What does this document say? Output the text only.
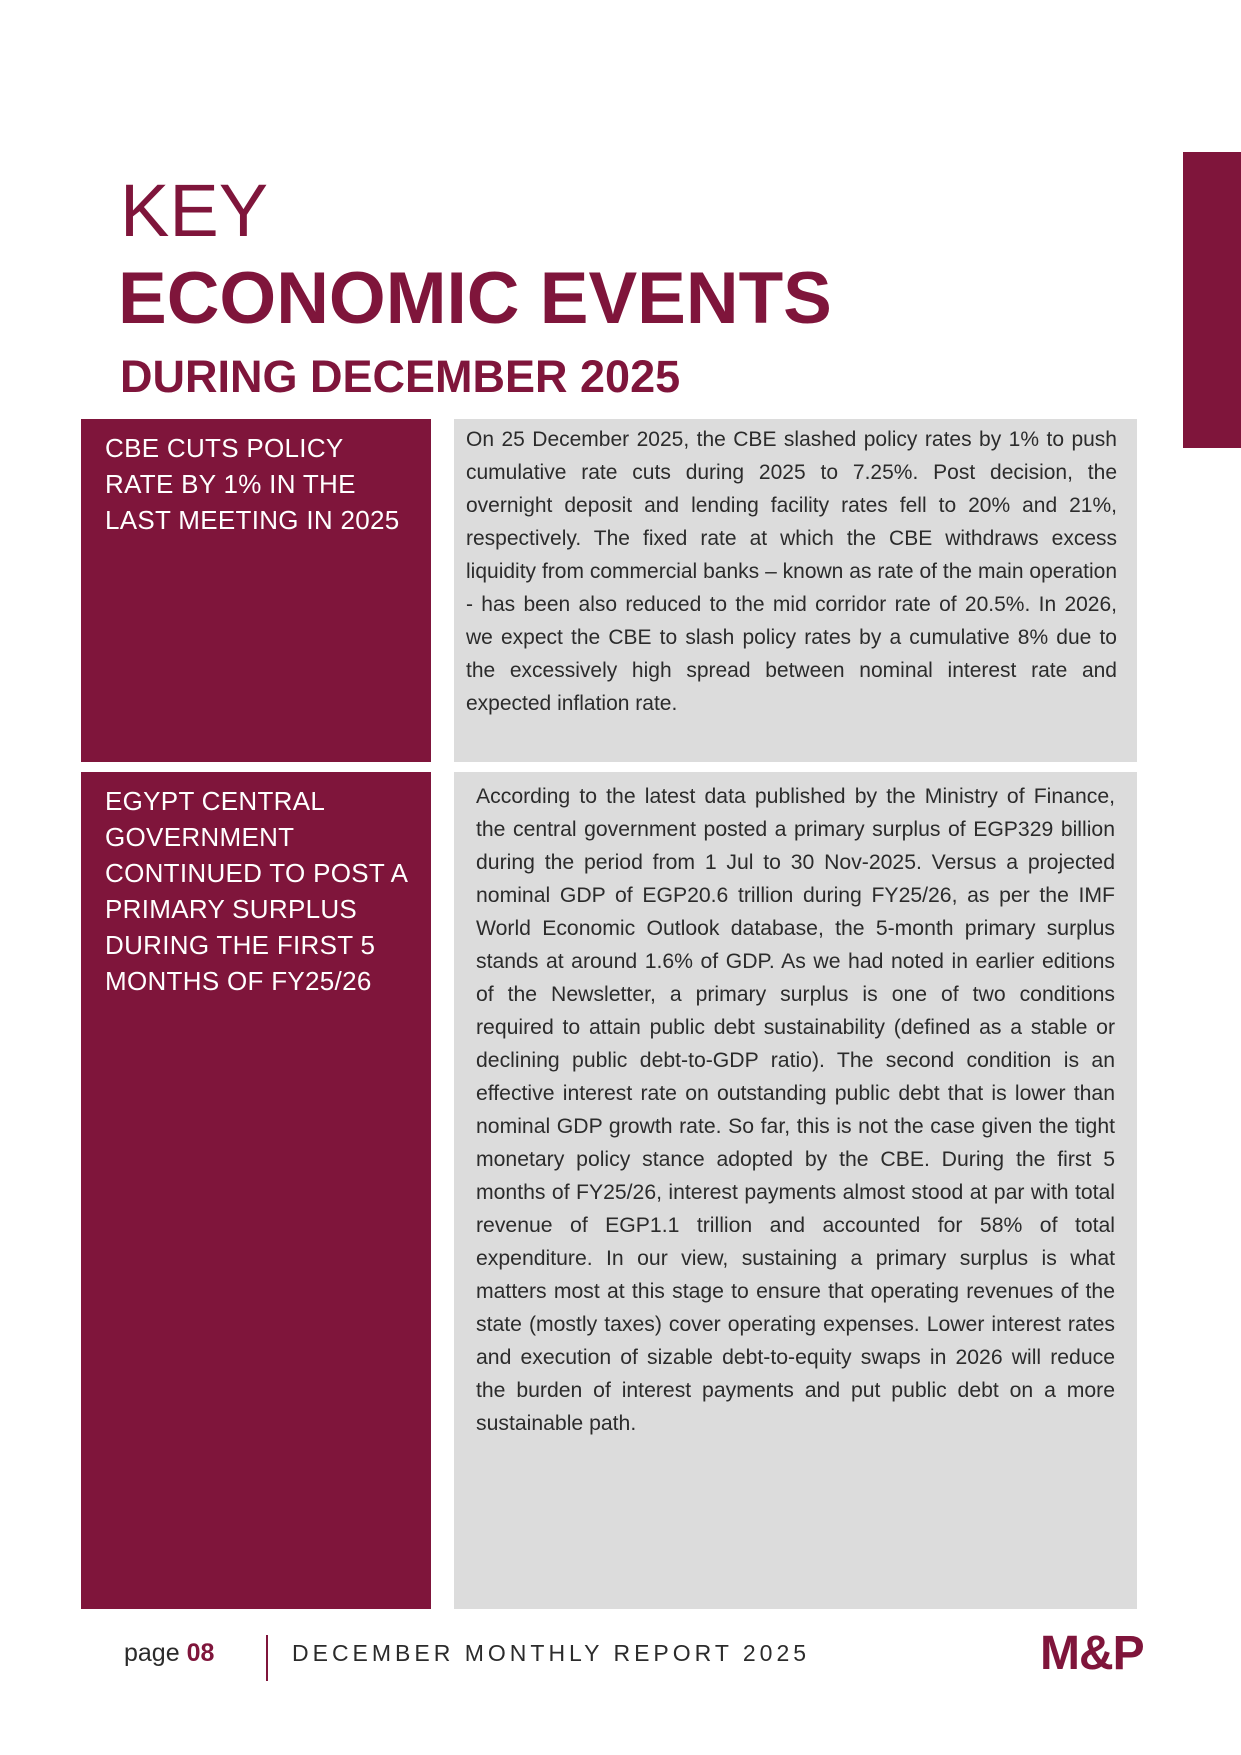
KEY
ECONOMIC EVENTS
DURING DECEMBER 2025
CBE CUTS POLICY RATE BY 1% IN THE LAST MEETING IN 2025
On 25 December 2025, the CBE slashed policy rates by 1% to push cumulative rate cuts during 2025 to 7.25%. Post decision, the overnight deposit and lending facility rates fell to 20% and 21%, respectively. The fixed rate at which the CBE withdraws excess liquidity from commercial banks – known as rate of the main operation - has been also reduced to the mid corridor rate of 20.5%. In 2026, we expect the CBE to slash policy rates by a cumulative 8% due to the excessively high spread between nominal interest rate and expected inflation rate.
EGYPT CENTRAL GOVERNMENT CONTINUED TO POST A PRIMARY SURPLUS DURING THE FIRST 5 MONTHS OF FY25/26
According to the latest data published by the Ministry of Finance, the central government posted a primary surplus of EGP329 billion during the period from 1 Jul to 30 Nov-2025. Versus a projected nominal GDP of EGP20.6 trillion during FY25/26, as per the IMF World Economic Outlook database, the 5-month primary surplus stands at around 1.6% of GDP. As we had noted in earlier editions of the Newsletter, a primary surplus is one of two conditions required to attain public debt sustainability (defined as a stable or declining public debt-to-GDP ratio). The second condition is an effective interest rate on outstanding public debt that is lower than nominal GDP growth rate. So far, this is not the case given the tight monetary policy stance adopted by the CBE. During the first 5 months of FY25/26, interest payments almost stood at par with total revenue of EGP1.1 trillion and accounted for 58% of total expenditure. In our view, sustaining a primary surplus is what matters most at this stage to ensure that operating revenues of the state (mostly taxes) cover operating expenses. Lower interest rates and execution of sizable debt-to-equity swaps in 2026 will reduce the burden of interest payments and put public debt on a more sustainable path.
page 08	DECEMBER MONTHLY REPORT 2025	M&P
